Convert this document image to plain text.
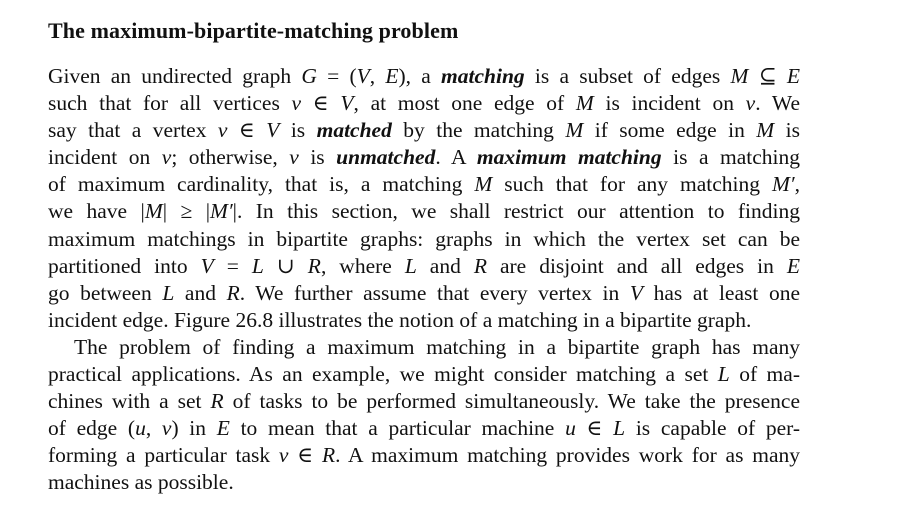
The maximum-bipartite-matching problem
Given an undirected graph G = (V, E), a matching is a subset of edges M ⊆ E
such that for all vertices v ∈ V, at most one edge of M is incident on v. We
say that a vertex v ∈ V is matched by the matching M if some edge in M is
incident on v; otherwise, v is unmatched. A maximum matching is a matching
of maximum cardinality, that is, a matching M such that for any matching M′,
we have |M| ≥ |M′|. In this section, we shall restrict our attention to finding
maximum matchings in bipartite graphs: graphs in which the vertex set can be
partitioned into V = L ∪ R, where L and R are disjoint and all edges in E
go between L and R. We further assume that every vertex in V has at least one
incident edge. Figure 26.8 illustrates the notion of a matching in a bipartite graph.
The problem of finding a maximum matching in a bipartite graph has many
practical applications. As an example, we might consider matching a set L of ma-
chines with a set R of tasks to be performed simultaneously. We take the presence
of edge (u, v) in E to mean that a particular machine u ∈ L is capable of per-
forming a particular task v ∈ R. A maximum matching provides work for as many
machines as possible.
